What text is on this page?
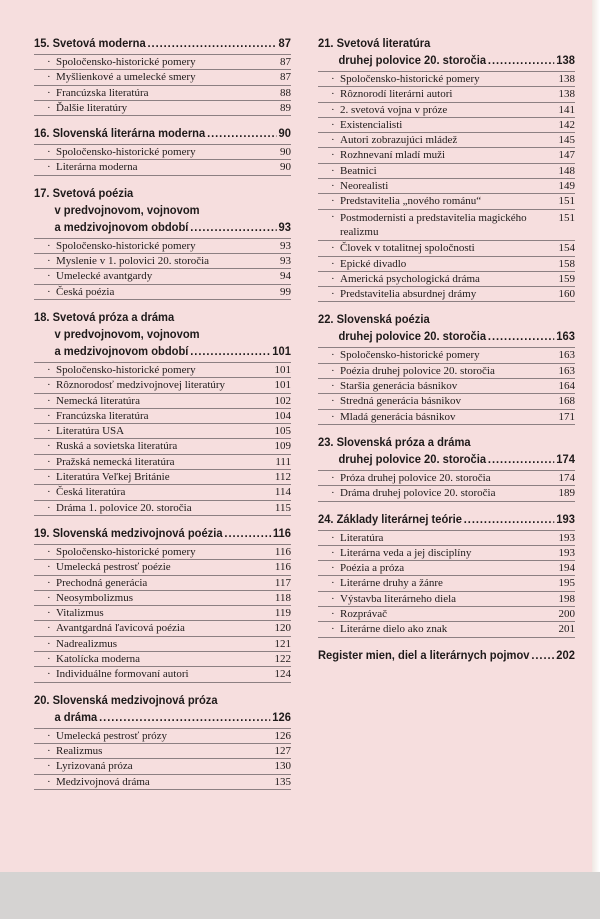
15. Svetová moderna .....	87
· Spoločensko-historické pomery	87
· Myšlienkové a umelecké smery	87
· Francúzska literatúra	88
· Ďalšie literatúry	89
16. Slovenská literárna moderna .....	90
· Spoločensko-historické pomery	90
· Literárna moderna	90
17. Svetová poézia
v predvojnovom, vojnovom
a medzivojnovom období .....	93
· Spoločensko-historické pomery	93
· Myslenie v 1. polovici 20. storočia	93
· Umelecké avantgardy	94
· Česká poézia	99
18. Svetová próza a dráma
v predvojnovom, vojnovom
a medzivojnovom období .....	101
· Spoločensko-historické pomery	101
· Rôznorodosť medzivojnovej literatúry	101
· Nemecká literatúra	102
· Francúzska literatúra	104
· Literatúra USA	105
· Ruská a sovietska literatúra	109
· Pražská nemecká literatúra	111
· Literatúra Veľkej Británie	112
· Česká literatúra	114
· Dráma 1. polovice 20. storočia	115
19. Slovenská medzivojnová poézia .....	116
· Spoločensko-historické pomery	116
· Umelecká pestrosť poézie	116
· Prechodná generácia	117
· Neosymbolizmus	118
· Vitalizmus	119
· Avantgardná ľavicová poézia	120
· Nadrealizmus	121
· Katolícka moderna	122
· Individuálne formovaní autori	124
20. Slovenská medzivojnová próza
a dráma .....	126
· Umelecká pestrosť prózy	126
· Realizmus	127
· Lyrizovaná próza	130
· Medzivojnová dráma	135
21. Svetová literatúra
druhej polovice 20. storočia .....	138
· Spoločensko-historické pomery	138
· Rôznorodí literárni autori	138
· 2. svetová vojna v próze	141
· Existencialisti	142
· Autori zobrazujúci mládež	145
· Rozhnevaní mladí muži	147
· Beatnici	148
· Neorealisti	149
· Predstavitelia „nového románu“	151
· Postmodernisti a predstavitelia magického realizmu
151
· Človek v totalitnej spoločnosti	154
· Epické divadlo	158
· Americká psychologická dráma	159
· Predstavitelia absurdnej drámy	160
22. Slovenská poézia
druhej polovice 20. storočia .....	163
· Spoločensko-historické pomery	163
· Poézia druhej polovice 20. storočia	163
· Staršia generácia básnikov	164
· Stredná generácia básnikov	168
· Mladá generácia básnikov	171
23. Slovenská próza a dráma
druhej polovice 20. storočia .....	174
· Próza druhej polovice 20. storočia	174
· Dráma druhej polovice 20. storočia	189
24. Základy literárnej teórie .....	193
· Literatúra	193
· Literárna veda a jej disciplíny	193
· Poézia a próza	194
· Literárne druhy a žánre	195
· Výstavba literárneho diela	198
· Rozprávač	200
· Literárne dielo ako znak	201
Register mien, diel a literárnych pojmov ..... 202
